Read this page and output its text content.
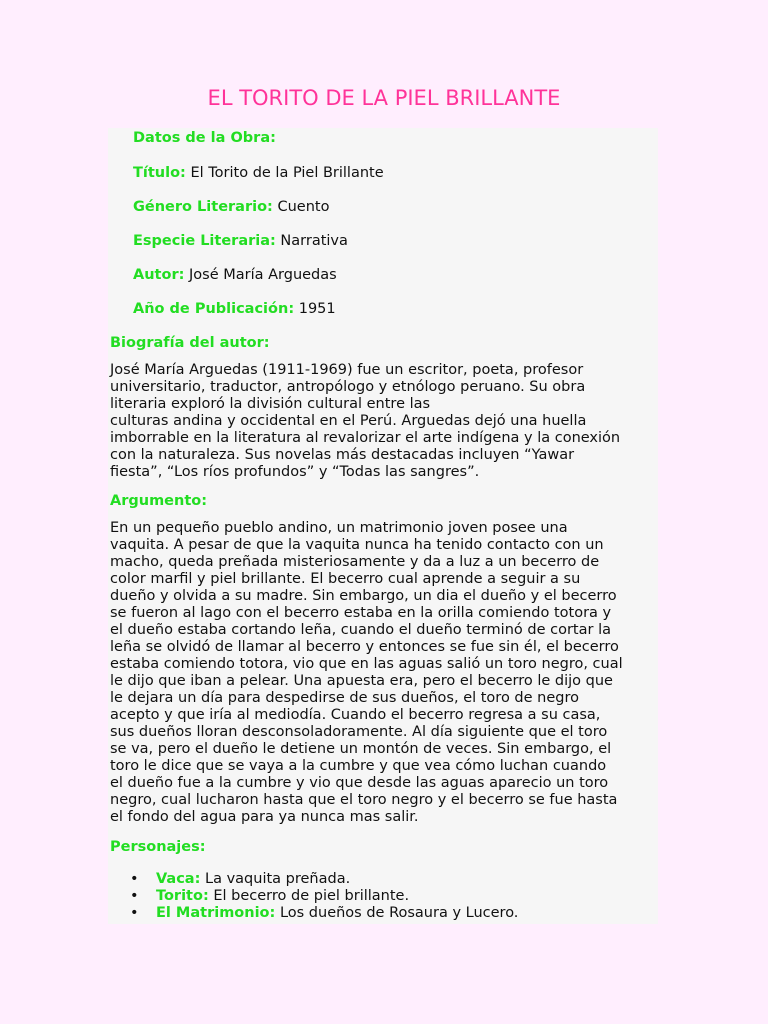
EL TORITO DE LA PIEL BRILLANTE
Datos de la Obra:
Título: El Torito de la Piel Brillante
Género Literario: Cuento
Especie Literaria: Narrativa
Autor: José María Arguedas
Año de Publicación: 1951
Biografía del autor:
José María Arguedas (1911-1969) fue un escritor, poeta, profesor
universitario, traductor, antropólogo y etnólogo peruano. Su obra
literaria exploró la división cultural entre las
culturas andina y occidental en el Perú. Arguedas dejó una huella
imborrable en la literatura al revalorizar el arte indígena y la conexión
con la naturaleza. Sus novelas más destacadas incluyen “Yawar
fiesta”, “Los ríos profundos” y “Todas las sangres”.
Argumento:
En un pequeño pueblo andino, un matrimonio joven posee una
vaquita. A pesar de que la vaquita nunca ha tenido contacto con un
macho, queda preñada misteriosamente y da a luz a un becerro de
color marfil y piel brillante. El becerro cual aprende a seguir a su
dueño y olvida a su madre. Sin embargo, un dia el dueño y el becerro
se fueron al lago con el becerro estaba en la orilla comiendo totora y
el dueño estaba cortando leña, cuando el dueño terminó de cortar la
leña se olvidó de llamar al becerro y entonces se fue sin él, el becerro
estaba comiendo totora, vio que en las aguas salió un toro negro, cual
le dijo que iban a pelear. Una apuesta era, pero el becerro le dijo que
le dejara un día para despedirse de sus dueños, el toro de negro
acepto y que iría al mediodía. Cuando el becerro regresa a su casa,
sus dueños lloran desconsoladoramente. Al día siguiente que el toro
se va, pero el dueño le detiene un montón de veces. Sin embargo, el
toro le dice que se vaya a la cumbre y que vea cómo luchan cuando
el dueño fue a la cumbre y vio que desde las aguas aparecio un toro
negro, cual lucharon hasta que el toro negro y el becerro se fue hasta
el fondo del agua para ya nunca mas salir.
Personajes:
• Vaca: La vaquita preñada.
• Torito: El becerro de piel brillante.
• El Matrimonio: Los dueños de Rosaura y Lucero.
